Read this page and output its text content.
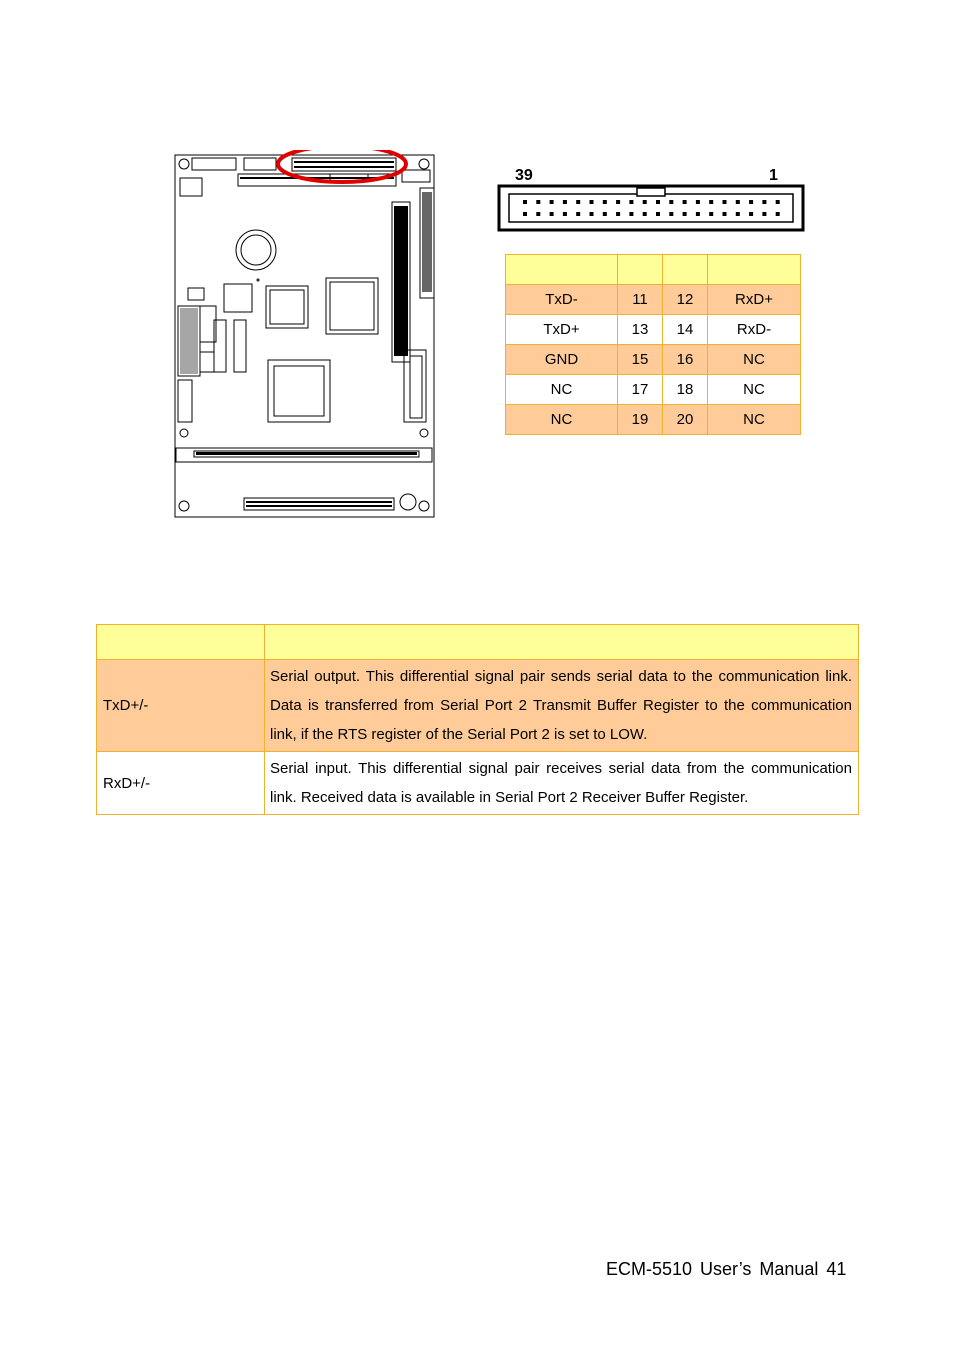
39	1

TxD-	11	12	RxD+
TxD+	13	14	RxD-
GND	15	16	NC
NC	17	18	NC
NC	19	20	NC

TxD+/-	Serial output. This differential signal pair sends serial data to the communication link. Data is transferred from Serial Port 2 Transmit Buffer Register to the communication link, if the RTS register of the Serial Port 2 is set to LOW.
RxD+/-	Serial input. This differential signal pair receives serial data from the communication link. Received data is available in Serial Port 2 Receiver Buffer Register.
ECM-5510 User’s Manual 41
